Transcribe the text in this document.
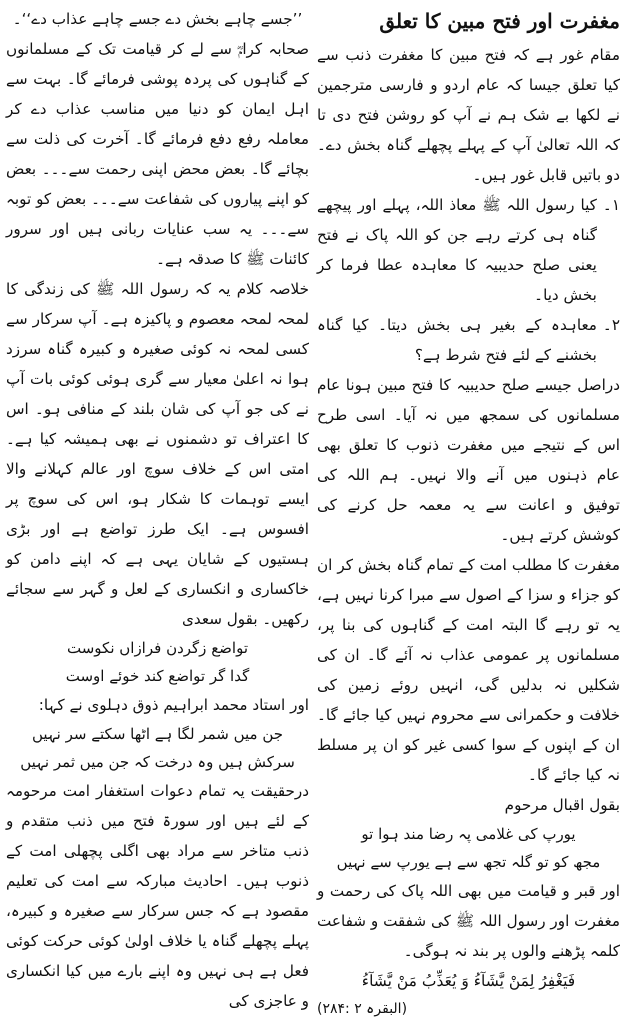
مغفرت اور فتح مبین کا تعلق

مقام غور ہے کہ فتح مبین کا مغفرت ذنب سے کیا تعلق جیسا کہ عام اردو و فارسی مترجمین نے لکھا بے شک ہم نے آپ کو روشن فتح دی تا کہ اللہ تعالیٰ آپ کے پہلے پچھلے گناہ بخش دے۔ دو باتیں قابل غور ہیں۔

۱۔
کیا رسول اللہ ﷺ معاذ اللہ، پہلے اور پیچھے گناہ ہی کرتے رہے جن کو اللہ پاک نے فتح یعنی صلح حدیبیہ کا معاہدہ عطا فرما کر بخش دیا۔
۲۔
معاہدہ کے بغیر ہی بخش دیتا۔ کیا گناہ بخشنے کے لئے فتح شرط ہے؟

دراصل جیسے صلح حدیبیہ کا فتح مبین ہونا عام مسلمانوں کی سمجھ میں نہ آیا۔ اسی طرح اس کے نتیجے میں مغفرت ذنوب کا تعلق بھی عام ذہنوں میں آنے والا نہیں۔ ہم اللہ کی توفیق و اعانت سے یہ معمہ حل کرنے کی کوشش کرتے ہیں۔

مغفرت کا مطلب امت کے تمام گناہ بخش کر ان کو جزاء و سزا کے اصول سے مبرا کرنا نہیں ہے، یہ تو رہے گا البتہ امت کے گناہوں کی بنا پر، مسلمانوں پر عمومی عذاب نہ آئے گا۔ ان کی شکلیں نہ بدلیں گی، انہیں روئے زمین کی خلافت و حکمرانی سے محروم نہیں کیا جائے گا۔ ان کے اپنوں کے سوا کسی غیر کو ان پر مسلط نہ کیا جائے گا۔

بقول اقبال مرحوم

یورپ کی غلامی پہ رضا مند ہوا تو

مجھ کو تو گلہ تجھ سے ہے یورپ سے نہیں

اور قبر و قیامت میں بھی اللہ پاک کی رحمت و مغفرت اور رسول اللہ ﷺ کی شفقت و شفاعت کلمہ پڑھنے والوں پر بند نہ ہوگی۔

فَيَغْفِرُ لِمَنْ يَّشَآءُ وَ يُعَذِّبُ مَنْ يَّشَآءُ

(البقرہ ۲ :۲۸۴)

’’جسے چاہے بخش دے جسے چاہے عذاب دے‘‘۔

صحابہ کرامؓ سے لے کر قیامت تک کے مسلمانوں کے گناہوں کی پردہ پوشی فرمائے گا۔ بہت سے اہل ایمان کو دنیا میں مناسب عذاب دے کر معاملہ رفع دفع فرمائے گا۔ آخرت کی ذلت سے بچائے گا۔ بعض محض اپنی رحمت سے۔۔۔ بعض کو اپنے پیاروں کی شفاعت سے۔۔۔ بعض کو توبہ سے۔۔۔ یہ سب عنایات ربانی ہیں اور سرور کائنات ﷺ کا صدقہ ہے۔

خلاصہ کلام یہ کہ رسول اللہ ﷺ کی زندگی کا لمحہ لمحہ معصوم و پاکیزہ ہے۔ آپ سرکار سے کسی لمحہ نہ کوئی صغیرہ و کبیرہ گناہ سرزد ہوا نہ اعلیٰ معیار سے گری ہوئی کوئی بات آپ نے کی جو آپ کی شان بلند کے منافی ہو۔ اس کا اعتراف تو دشمنوں نے بھی ہمیشہ کیا ہے۔ امتی اس کے خلاف سوچ اور عالم کہلانے والا ایسے توہمات کا شکار ہو، اس کی سوچ پر افسوس ہے۔ ایک طرز تواضع ہے اور بڑی ہستیوں کے شایان یہی ہے کہ اپنے دامن کو خاکساری و انکساری کے لعل و گہر سے سجائے رکھیں۔ بقول سعدی

تواضع زگردن فرازاں نکوست

گدا گر تواضع کند خوئے اوست

اور استاد محمد ابراہیم ذوق دہلوی نے کہا:

جن میں شمر لگا ہے اٹھا سکتے سر نہیں

سرکش ہیں وہ درخت کہ جن میں ثمر نہیں

درحقیقت یہ تمام دعوات استغفار امت مرحومہ کے لئے ہیں اور سورۃ فتح میں ذنب متقدم و ذنب متاخر سے مراد بھی اگلی پچھلی امت کے ذنوب ہیں۔ احادیث مبارکہ سے امت کی تعلیم مقصود ہے کہ جس سرکار سے صغیرہ و کبیرہ، پہلے پچھلے گناہ یا خلاف اولیٰ کوئی حرکت کوئی فعل ہے ہی نہیں وہ اپنے بارے میں کیا انکساری و عاجزی کی
